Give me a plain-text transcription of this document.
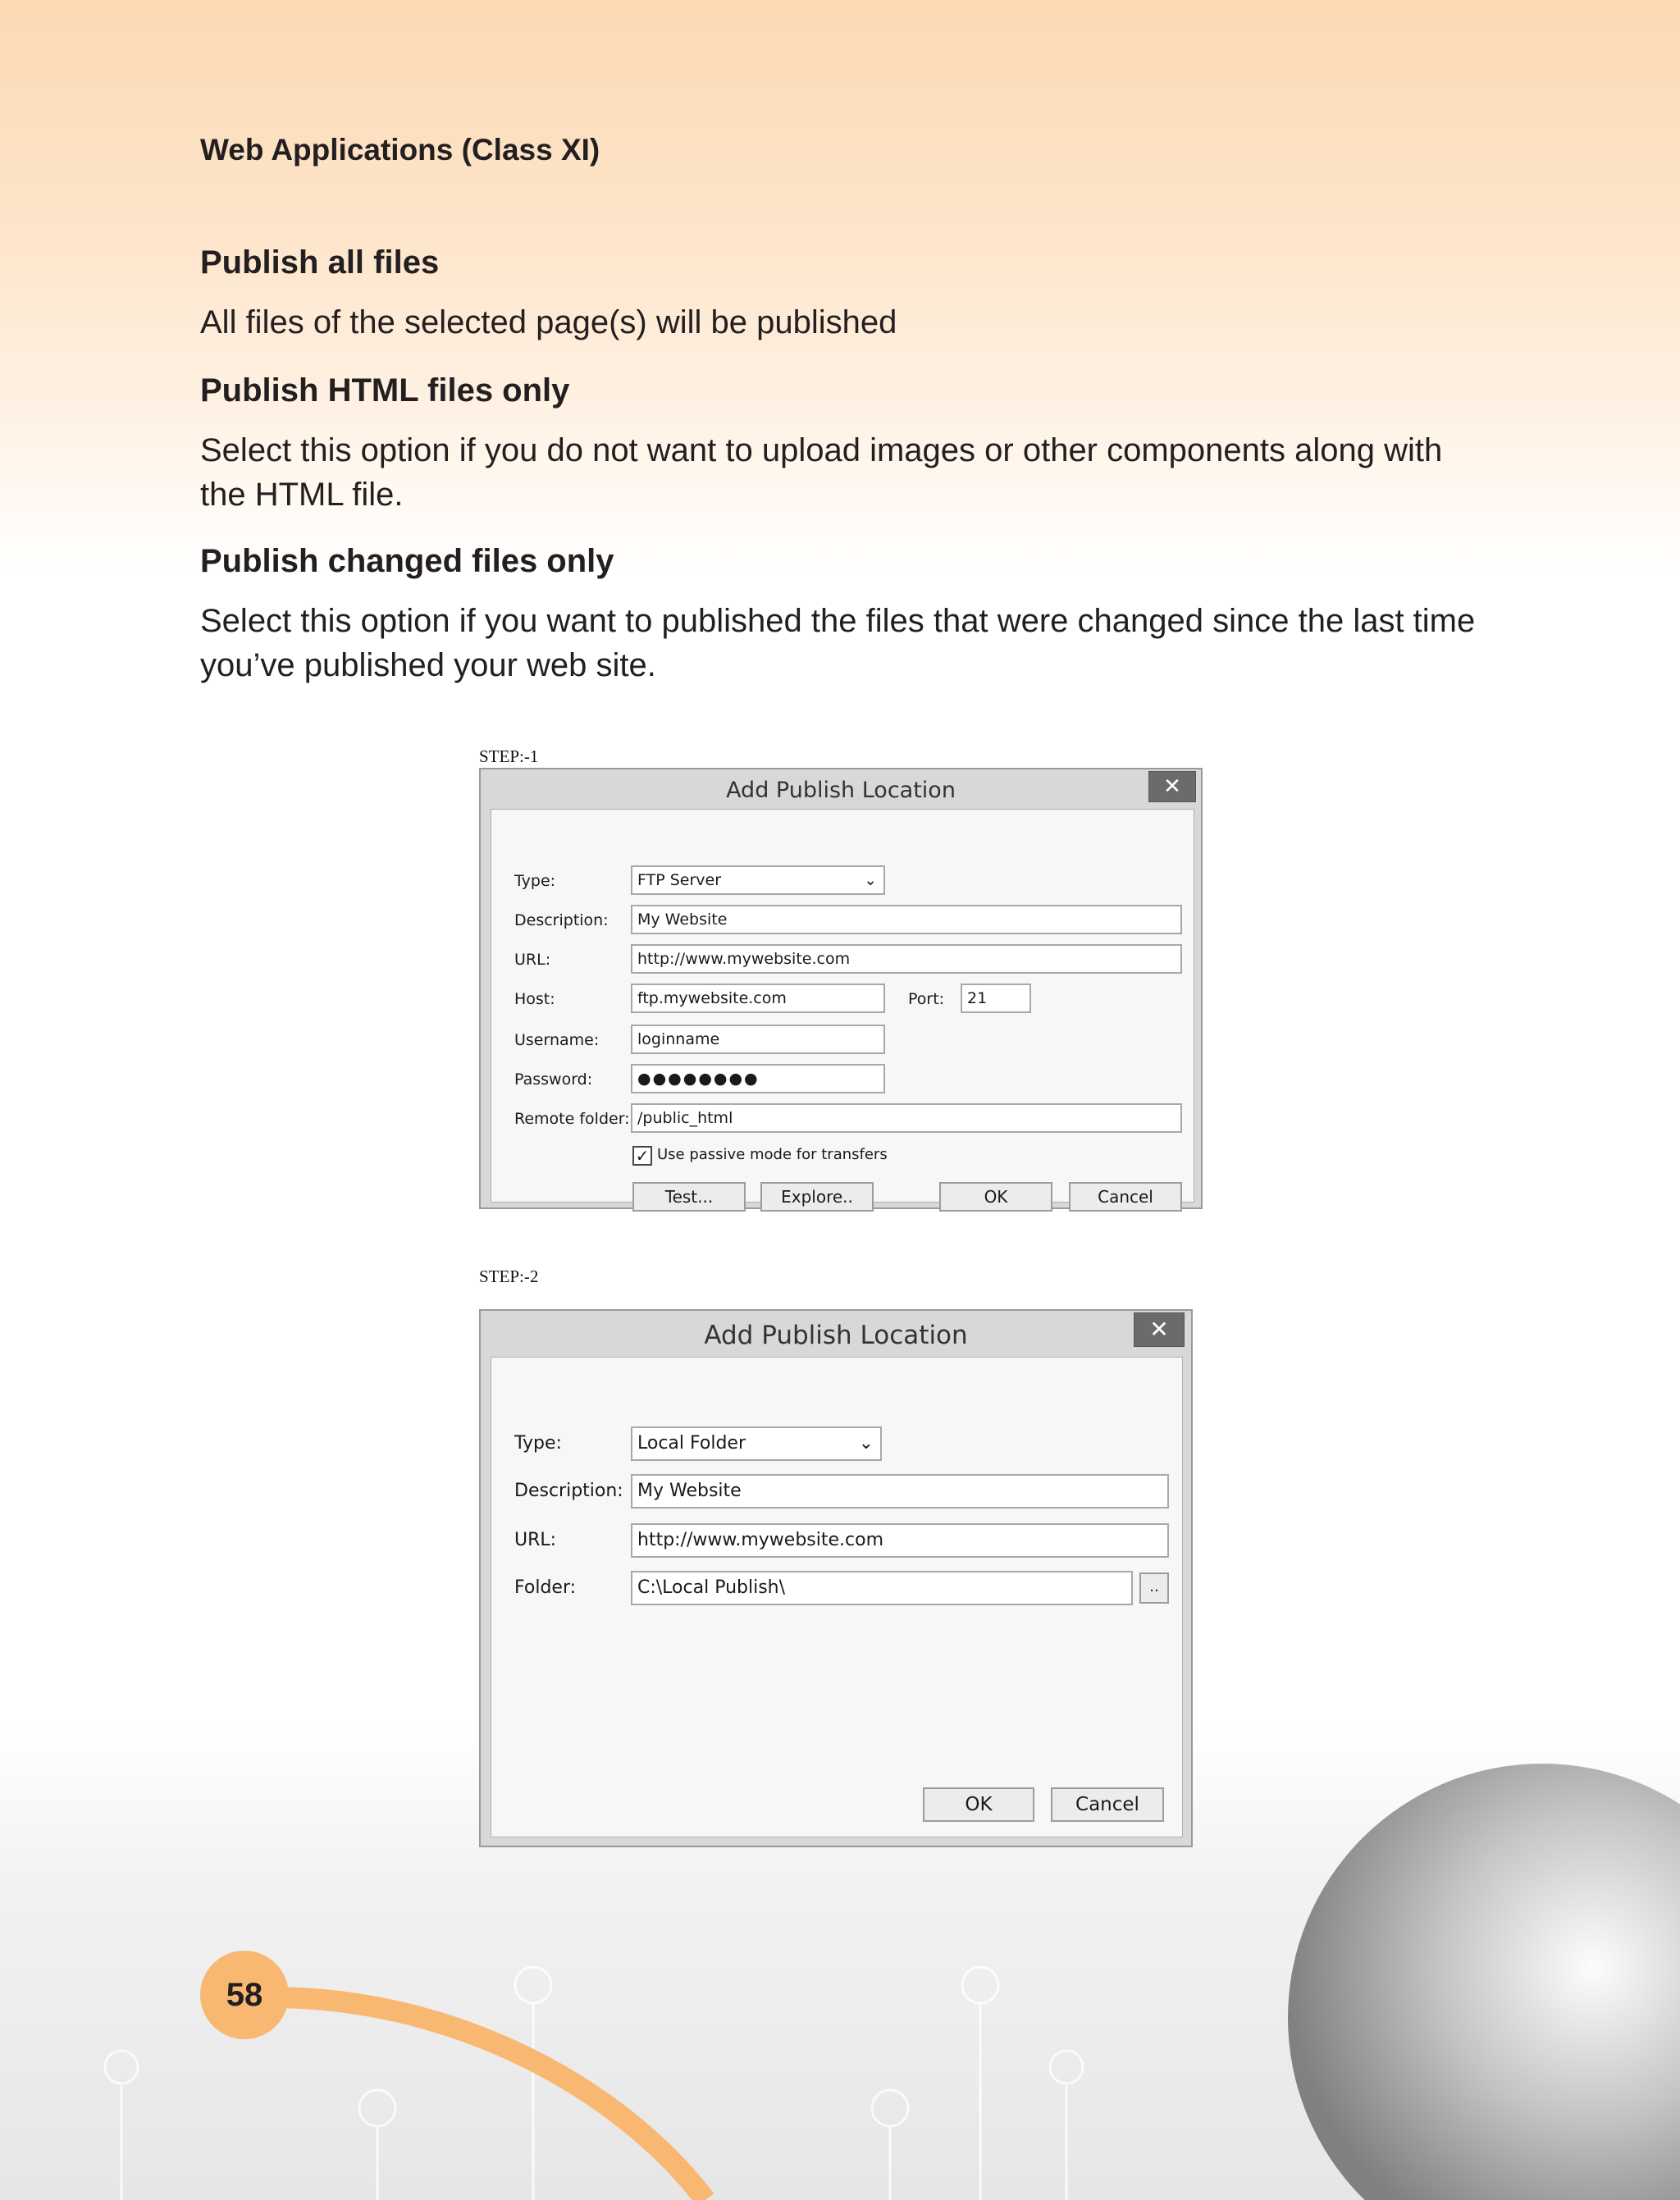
Web Applications (Class XI)
Publish all files

All files of the selected page(s) will be published

Publish HTML files only

Select this option if you do not want to upload images or other components along with the HTML file.

Publish changed files only

Select this option if you want to published the files that were changed since the last time you’ve published your web site.

STEP:-1
Add Publish Location	✕
Type:	FTP Server	⌄
Description:	My Website
URL:	http://www.mywebsite.com
Host:	ftp.mywebsite.com	Port:	21
Username:	loginname
Password:	●●●●●●●●
Remote folder: /public_html
✓ Use passive mode for transfers
Test...	Explore..	OK	Cancel
STEP:-2
Add Publish Location	✕
Type:	Local Folder	⌄
Description: My Website
URL:	http://www.mywebsite.com
Folder:	C:\Local Publish\	..
OK	Cancel
58
